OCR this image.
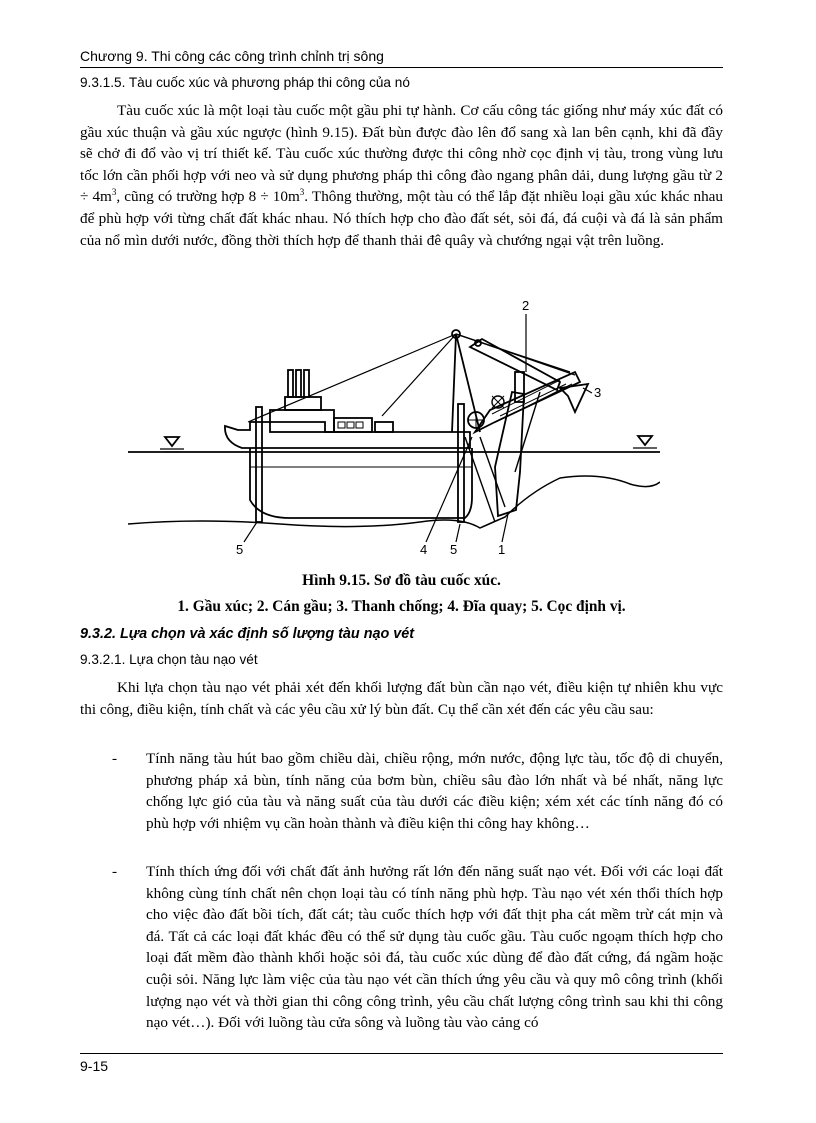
Chương 9. Thi công các công trình chỉnh trị sông
9.3.1.5. Tàu cuốc xúc và phương pháp thi công của nó

Tàu cuốc xúc là một loại tàu cuốc một gầu phi tự hành. Cơ cấu công tác giống như máy xúc đất có gầu xúc thuận và gầu xúc ngược (hình 9.15). Đất bùn được đào lên đổ sang xà lan bên cạnh, khi đã đầy sẽ chở đi đổ vào vị trí thiết kế. Tàu cuốc xúc thường được thi công nhờ cọc định vị tàu, trong vùng lưu tốc lớn cần phối hợp với neo và sử dụng phương pháp thi công đào ngang phân dải, dung lượng gầu từ $2 \div 4m^3$, cũng có trường hợp $8 \div 10m^3$. Thông thường, một tàu có thể lắp đặt nhiều loại gầu xúc khác nhau để phù hợp với từng chất đất khác nhau. Nó thích hợp cho đào đất sét, sỏi đá, đá cuội và đá là sản phẩm của nổ mìn dưới nước, đồng thời thích hợp để thanh thải đê quây và chướng ngại vật trên luồng.

2
3
5	4 5	1
Hình 9.15. Sơ đồ tàu cuốc xúc.
1. Gầu xúc; 2. Cán gầu; 3. Thanh chống; 4. Đĩa quay; 5. Cọc định vị.
9.3.2. Lựa chọn và xác định số lượng tàu nạo vét
9.3.2.1. Lựa chọn tàu nạo vét

Khi lựa chọn tàu nạo vét phải xét đến khối lượng đất bùn cần nạo vét, điều kiện tự nhiên khu vực thi công, điều kiện, tính chất và các yêu cầu xử lý bùn đất. Cụ thể cần xét đến các yêu cầu sau:

-	Tính năng tàu hút bao gồm chiều dài, chiều rộng, mớn nước, động lực tàu, tốc độ di chuyển, phương pháp xả bùn, tính năng của bơm bùn, chiều sâu đào lớn nhất và bé nhất, năng lực chống lực gió của tàu và năng suất của tàu dưới các điều kiện; xém xét các tính năng đó có phù hợp với nhiệm vụ cần hoàn thành và điều kiện thi công hay không…

-	Tính thích ứng đối với chất đất ảnh hưởng rất lớn đến năng suất nạo vét. Đối với các loại đất không cùng tính chất nên chọn loại tàu có tính năng phù hợp. Tàu nạo vét xén thổi thích hợp cho việc đào đất bồi tích, đất cát; tàu cuốc thích hợp với đất thịt pha cát mềm trừ cát mịn và đá. Tất cả các loại đất khác đều có thể sử dụng tàu cuốc gầu. Tàu cuốc ngoạm thích hợp cho loại đất mềm đào thành khối hoặc sỏi đá, tàu cuốc xúc dùng để đào đất cứng, đá ngầm hoặc cuội sỏi. Năng lực làm việc của tàu nạo vét cần thích ứng yêu cầu và quy mô công trình (khối lượng nạo vét và thời gian thi công công trình, yêu cầu chất lượng công trình sau khi thi công nạo vét…). Đối với luồng tàu cửa sông và luồng tàu vào cảng có

9-15
